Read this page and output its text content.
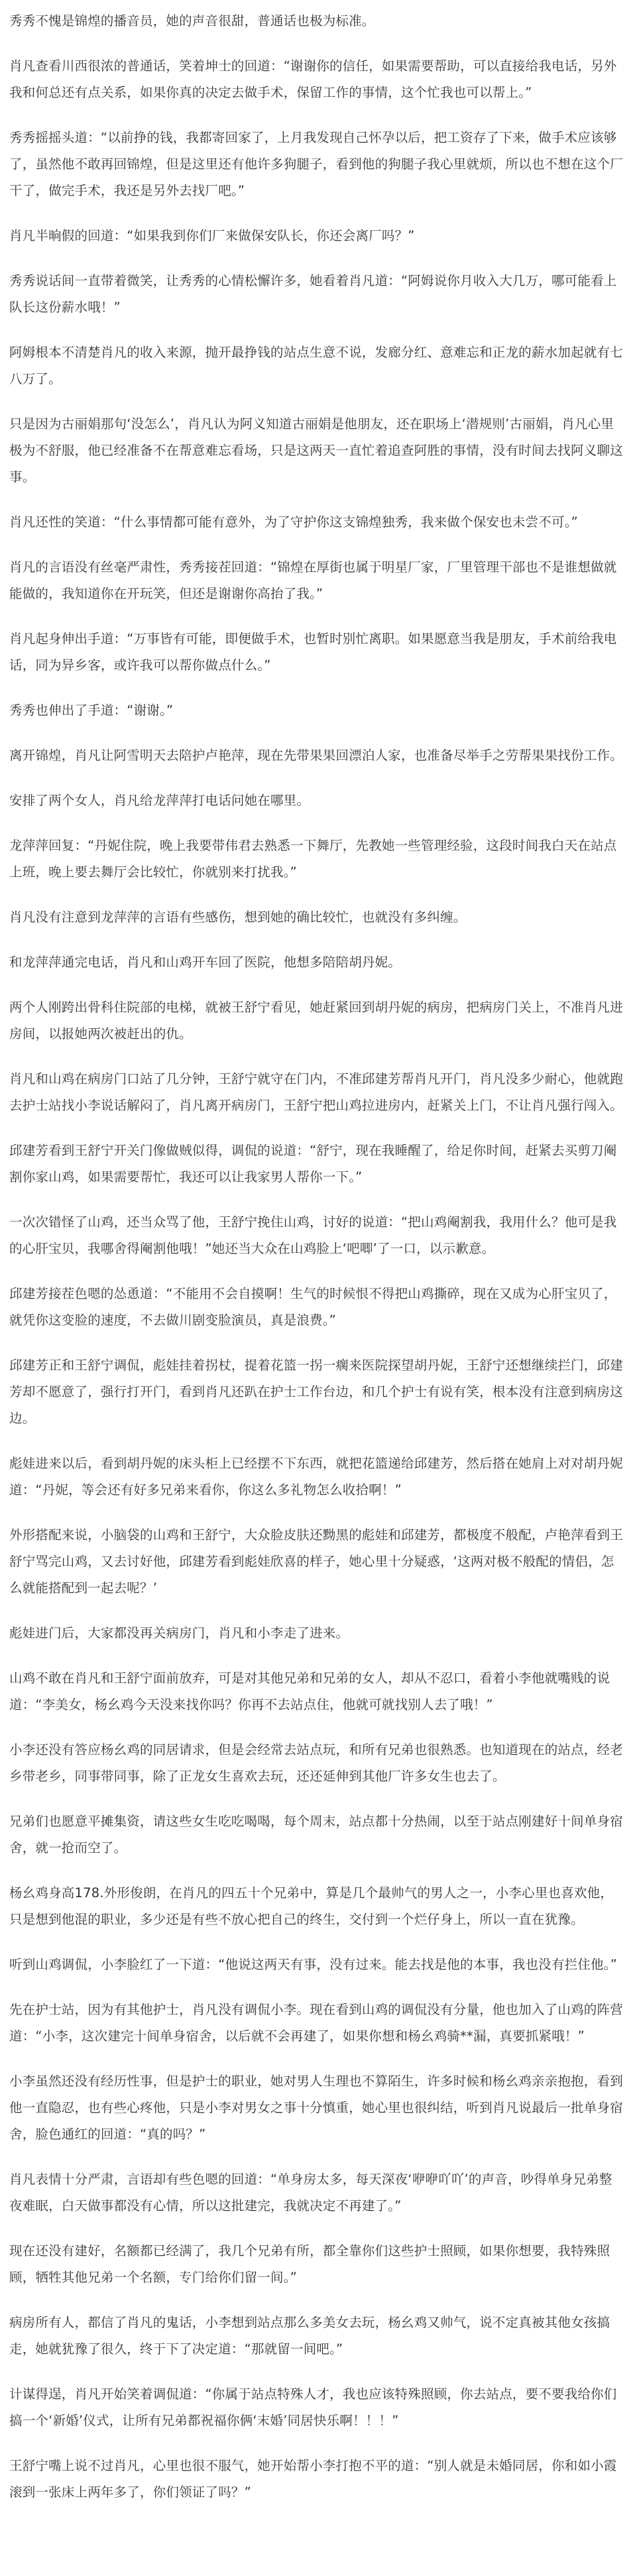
秀秀不愧是锦煌的播音员，她的声音很甜，普通话也极为标准。

肖凡查看川西很浓的普通话，笑着坤士的回道：“谢谢你的信任，如果需要帮助，可以直接给我电话，另外我和何总还有点关系，如果你真的决定去做手术，保留工作的事情，这个忙我也可以帮上。”

秀秀摇摇头道：“以前挣的钱，我都寄回家了，上月我发现自己怀孕以后，把工资存了下来，做手术应该够了，虽然他不敢再回锦煌，但是这里还有他许多狗腿子，看到他的狗腿子我心里就烦，所以也不想在这个厂干了，做完手术，我还是另外去找厂吧。”

肖凡半晌假的回道：“如果我到你们厂来做保安队长，你还会离厂吗？”

秀秀说话间一直带着微笑，让秀秀的心情松懈许多，她看着肖凡道：“阿姆说你月收入大几万，哪可能看上队长这份薪水哦！”

阿姆根本不清楚肖凡的收入来源，抛开最挣钱的站点生意不说，发廊分红、意难忘和正龙的薪水加起就有七八万了。

只是因为古丽娟那句‘没怎么’，肖凡认为阿义知道古丽娟是他朋友，还在职场上‘潜规则’古丽娟，肖凡心里极为不舒服，他已经准备不在帮意难忘看场，只是这两天一直忙着追查阿胜的事情，没有时间去找阿义聊这事。

肖凡还性的笑道：“什么事情都可能有意外，为了守护你这支锦煌独秀，我来做个保安也未尝不可。”

肖凡的言语没有丝毫严肃性，秀秀接茬回道：“锦煌在厚街也属于明星厂家，厂里管理干部也不是谁想做就能做的，我知道你在开玩笑，但还是谢谢你高抬了我。”

肖凡起身伸出手道：“万事皆有可能，即便做手术，也暂时别忙离职。如果愿意当我是朋友，手术前给我电话，同为异乡客，或许我可以帮你做点什么。”

秀秀也伸出了手道：“谢谢。”

离开锦煌，肖凡让阿雪明天去陪护卢艳萍，现在先带果果回漂泊人家，也准备尽举手之劳帮果果找份工作。

安排了两个女人，肖凡给龙萍萍打电话问她在哪里。

龙萍萍回复：“丹妮住院，晚上我要带伟君去熟悉一下舞厅，先教她一些管理经验，这段时间我白天在站点上班，晚上要去舞厅会比较忙，你就别来打扰我。”

肖凡没有注意到龙萍萍的言语有些感伤，想到她的确比较忙，也就没有多纠缠。

和龙萍萍通完电话，肖凡和山鸡开车回了医院，他想多陪陪胡丹妮。

两个人刚跨出骨科住院部的电梯，就被王舒宁看见，她赶紧回到胡丹妮的病房，把病房门关上，不准肖凡进房间，以报她两次被赶出的仇。

肖凡和山鸡在病房门口站了几分钟，王舒宁就守在门内，不准邱建芳帮肖凡开门，肖凡没多少耐心，他就跑去护士站找小李说话解闷了，肖凡离开病房门，王舒宁把山鸡拉进房内，赶紧关上门，不让肖凡强行闯入。

邱建芳看到王舒宁开关门像做贼似得，调侃的说道：“舒宁，现在我睡醒了，给足你时间，赶紧去买剪刀阉割你家山鸡，如果需要帮忙，我还可以让我家男人帮你一下。”

一次次错怪了山鸡，还当众骂了他，王舒宁挽住山鸡，讨好的说道：“把山鸡阉割我，我用什么？他可是我的心肝宝贝，我哪舍得阉割他哦！”她还当大众在山鸡脸上‘吧唧’了一口，以示歉意。

邱建芳接茬色嗯的怂恿道：“不能用不会自摸啊！生气的时候恨不得把山鸡撕碎，现在又成为心肝宝贝了，就凭你这变脸的速度，不去做川剧变脸演员，真是浪费。”

邱建芳正和王舒宁调侃，彪娃挂着拐杖，提着花篮一拐一瘸来医院探望胡丹妮，王舒宁还想继续拦门，邱建芳却不愿意了，强行打开门，看到肖凡还趴在护士工作台边，和几个护士有说有笑，根本没有注意到病房这边。

彪娃进来以后，看到胡丹妮的床头柜上已经摆不下东西，就把花篮递给邱建芳，然后搭在她肩上对对胡丹妮道：“丹妮，等会还有好多兄弟来看你，你这么多礼物怎么收拾啊！”

外形搭配来说，小脑袋的山鸡和王舒宁，大众脸皮肤还黝黑的彪娃和邱建芳，都极度不般配，卢艳萍看到王舒宁骂完山鸡，又去讨好他，邱建芳看到彪娃欣喜的样子，她心里十分疑惑，‘这两对极不般配的情侣，怎么就能搭配到一起去呢？’

彪娃进门后，大家都没再关病房门，肖凡和小李走了进来。

山鸡不敢在肖凡和王舒宁面前放弃，可是对其他兄弟和兄弟的女人，却从不忍口，看着小李他就嘴贱的说道：“李美女，杨幺鸡今天没来找你吗？你再不去站点住，他就可就找别人去了哦！”

小李还没有答应杨幺鸡的同居请求，但是会经常去站点玩，和所有兄弟也很熟悉。也知道现在的站点，经老乡带老乡，同事带同事，除了正龙女生喜欢去玩，还还延伸到其他厂许多女生也去了。

兄弟们也愿意平摊集资，请这些女生吃吃喝喝，每个周末，站点都十分热闹，以至于站点刚建好十间单身宿舍，就一抢而空了。

杨幺鸡身高178.外形俊朗，在肖凡的四五十个兄弟中，算是几个最帅气的男人之一，小李心里也喜欢他，只是想到他混的职业，多少还是有些不放心把自己的终生，交付到一个烂仔身上，所以一直在犹豫。

听到山鸡调侃，小李脸红了一下道：“他说这两天有事，没有过来。能去找是他的本事，我也没有拦住他。”

先在护士站，因为有其他护士，肖凡没有调侃小李。现在看到山鸡的调侃没有分量，他也加入了山鸡的阵营道：“小李，这次建完十间单身宿舍，以后就不会再建了，如果你想和杨幺鸡骑**漏，真要抓紧哦！”

小李虽然还没有经历性事，但是护士的职业，她对男人生理也不算陌生，许多时候和杨幺鸡亲亲抱抱，看到他一直隐忍，也有些心疼他，只是小李对男女之事十分慎重，她心里也很纠结，听到肖凡说最后一批单身宿舍，脸色通红的回道：“真的吗？”

肖凡表情十分严肃，言语却有些色嗯的回道：“单身房太多，每天深夜‘咿咿吖吖’的声音，吵得单身兄弟整夜难眠，白天做事都没有心情，所以这批建完，我就决定不再建了。”

现在还没有建好，名额都已经满了，我几个兄弟有所，都全靠你们这些护士照顾，如果你想要，我特殊照顾，牺牲其他兄弟一个名额，专门给你们留一间。”

病房所有人，都信了肖凡的鬼话，小李想到站点那么多美女去玩，杨幺鸡又帅气，说不定真被其他女孩搞走，她就犹豫了很久，终于下了决定道：“那就留一间吧。”

计谋得逞，肖凡开始笑着调侃道：“你属于站点特殊人才，我也应该特殊照顾，你去站点，要不要我给你们搞一个‘新婚’仪式，让所有兄弟都祝福你俩‘末婚’同居快乐啊！！！”

王舒宁嘴上说不过肖凡，心里也很不服气，她开始帮小李打抱不平的道：“别人就是未婚同居，你和如小霞滚到一张床上两年多了，你们领证了吗？”
